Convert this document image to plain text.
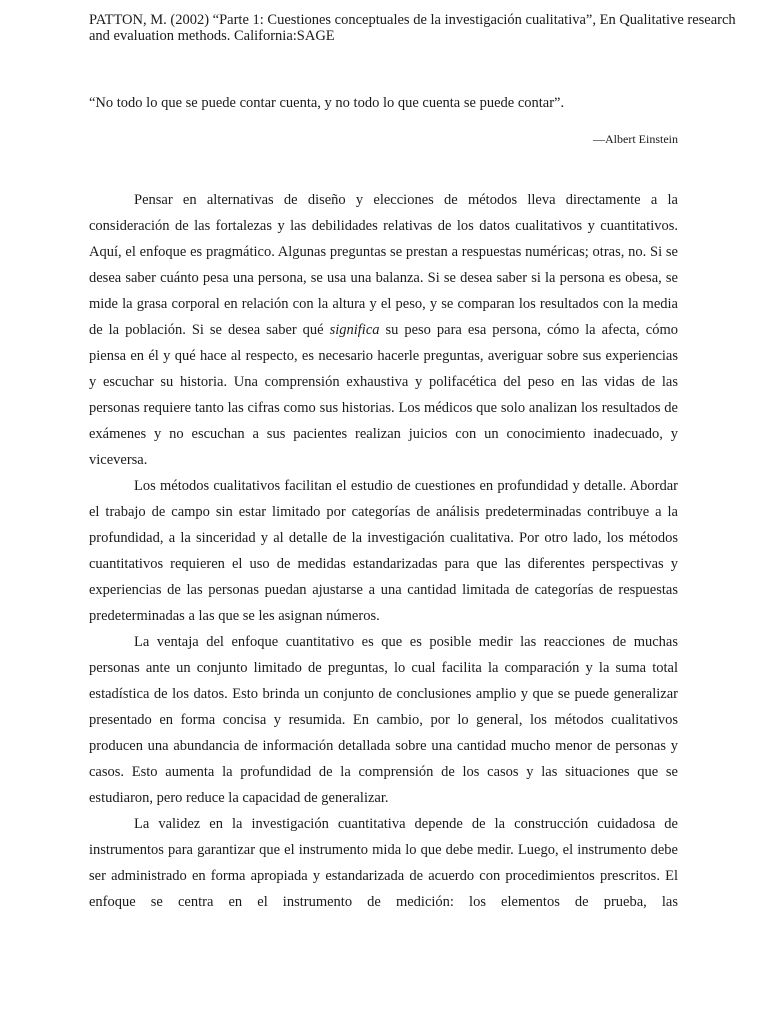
PATTON, M. (2002) “Parte 1: Cuestiones conceptuales de la investigación cualitativa”, En Qualitative research and evaluation methods. California:SAGE

“No todo lo que se puede contar cuenta, y no todo lo que cuenta se puede contar”.

—Albert Einstein

Pensar en alternativas de diseño y elecciones de métodos lleva directamente a la consideración de las fortalezas y las debilidades relativas de los datos cualitativos y cuantitativos. Aquí, el enfoque es pragmático. Algunas preguntas se prestan a respuestas numéricas; otras, no. Si se desea saber cuánto pesa una persona, se usa una balanza. Si se desea saber si la persona es obesa, se mide la grasa corporal en relación con la altura y el peso, y se comparan los resultados con la media de la población. Si se desea saber qué significa su peso para esa persona, cómo la afecta, cómo piensa en él y qué hace al respecto, es necesario hacerle preguntas, averiguar sobre sus experiencias y escuchar su historia. Una comprensión exhaustiva y polifacética del peso en las vidas de las personas requiere tanto las cifras como sus historias. Los médicos que solo analizan los resultados de exámenes y no escuchan a sus pacientes realizan juicios con un conocimiento inadecuado, y viceversa.

Los métodos cualitativos facilitan el estudio de cuestiones en profundidad y detalle. Abordar el trabajo de campo sin estar limitado por categorías de análisis predeterminadas contribuye a la profundidad, a la sinceridad y al detalle de la investigación cualitativa. Por otro lado, los métodos cuantitativos requieren el uso de medidas estandarizadas para que las diferentes perspectivas y experiencias de las personas puedan ajustarse a una cantidad limitada de categorías de respuestas predeterminadas a las que se les asignan números.

La ventaja del enfoque cuantitativo es que es posible medir las reacciones de muchas personas ante un conjunto limitado de preguntas, lo cual facilita la comparación y la suma total estadística de los datos. Esto brinda un conjunto de conclusiones amplio y que se puede generalizar presentado en forma concisa y resumida. En cambio, por lo general, los métodos cualitativos producen una abundancia de información detallada sobre una cantidad mucho menor de personas y casos. Esto aumenta la profundidad de la comprensión de los casos y las situaciones que se estudiaron, pero reduce la capacidad de generalizar.

La validez en la investigación cuantitativa depende de la construcción cuidadosa de instrumentos para garantizar que el instrumento mida lo que debe medir. Luego, el instrumento debe ser administrado en forma apropiada y estandarizada de acuerdo con procedimientos prescritos. El enfoque se centra en el instrumento de medición: los elementos de prueba, las
